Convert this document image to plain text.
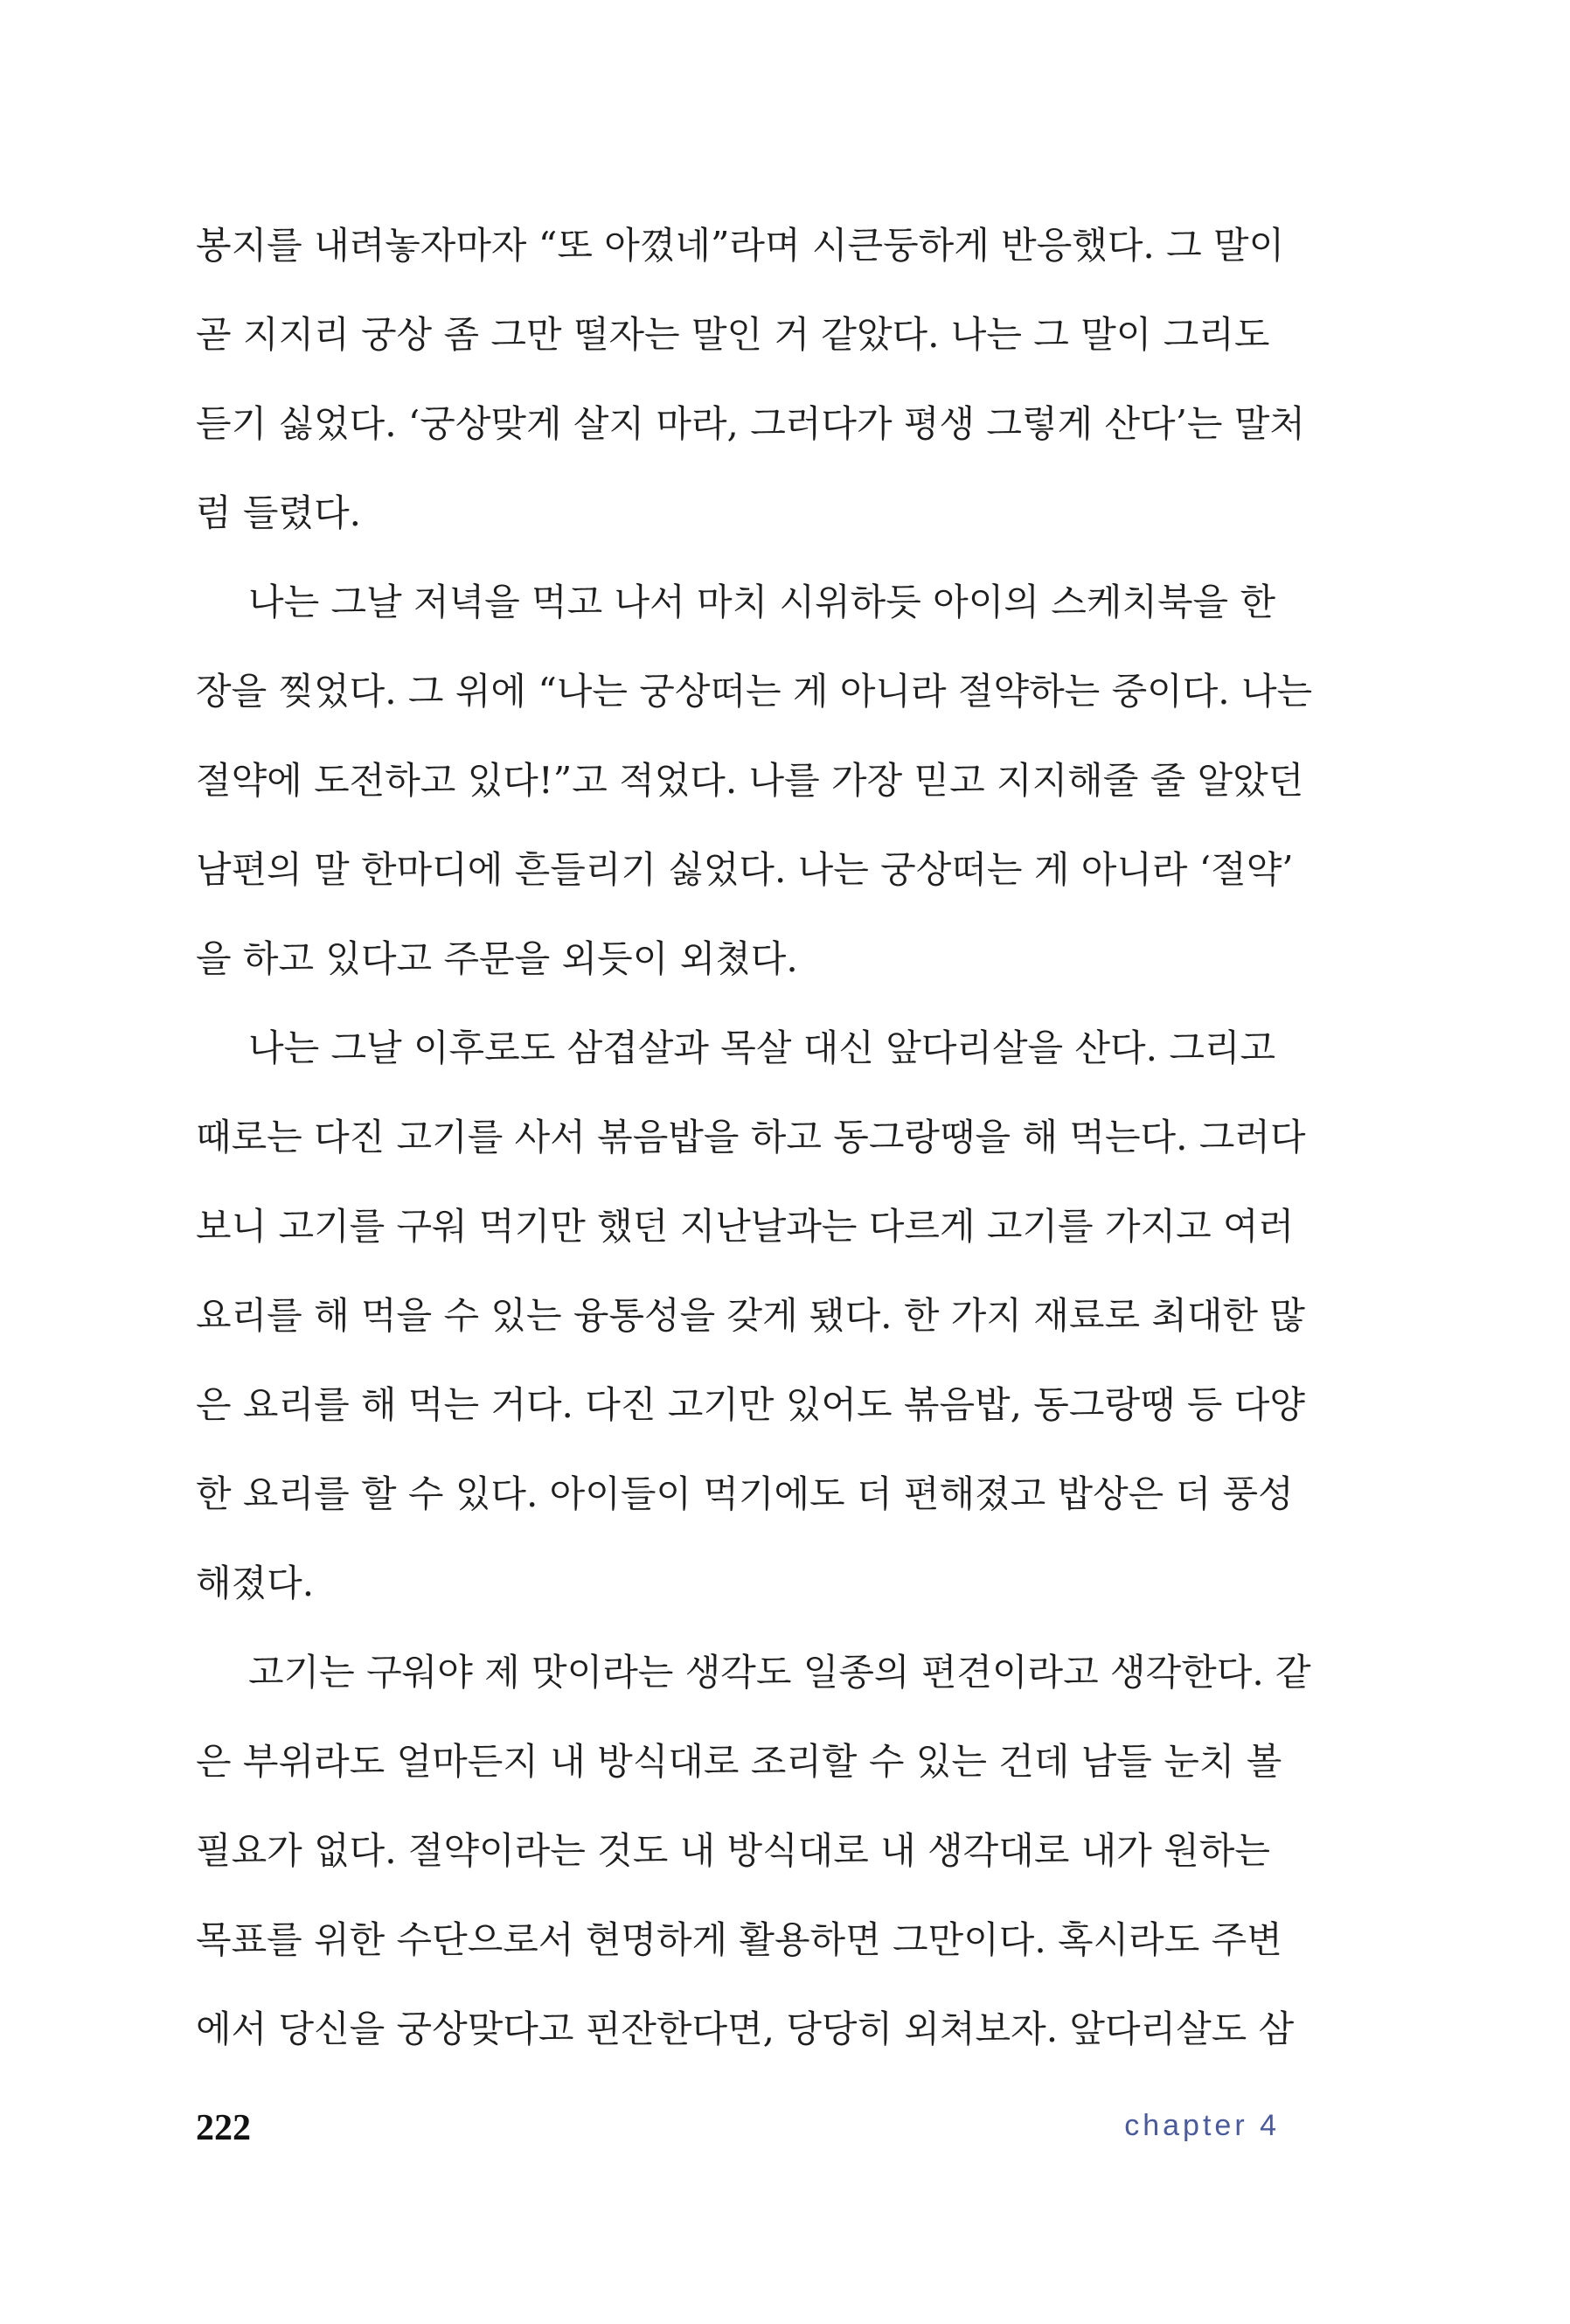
봉지를 내려놓자마자 “또 아꼈네”라며 시큰둥하게 반응했다. 그 말이
곧 지지리 궁상 좀 그만 떨자는 말인 거 같았다. 나는 그 말이 그리도
듣기 싫었다. ‘궁상맞게 살지 마라, 그러다가 평생 그렇게 산다’는 말처
럼 들렸다.
나는 그날 저녁을 먹고 나서 마치 시위하듯 아이의 스케치북을 한
장을 찢었다. 그 위에 “나는 궁상떠는 게 아니라 절약하는 중이다. 나는
절약에 도전하고 있다!”고 적었다. 나를 가장 믿고 지지해줄 줄 알았던
남편의 말 한마디에 흔들리기 싫었다. 나는 궁상떠는 게 아니라 ‘절약’
을 하고 있다고 주문을 외듯이 외쳤다.
나는 그날 이후로도 삼겹살과 목살 대신 앞다리살을 산다. 그리고
때로는 다진 고기를 사서 볶음밥을 하고 동그랑땡을 해 먹는다. 그러다
보니 고기를 구워 먹기만 했던 지난날과는 다르게 고기를 가지고 여러
요리를 해 먹을 수 있는 융통성을 갖게 됐다. 한 가지 재료로 최대한 많
은 요리를 해 먹는 거다. 다진 고기만 있어도 볶음밥, 동그랑땡 등 다양
한 요리를 할 수 있다. 아이들이 먹기에도 더 편해졌고 밥상은 더 풍성
해졌다.
고기는 구워야 제 맛이라는 생각도 일종의 편견이라고 생각한다. 같
은 부위라도 얼마든지 내 방식대로 조리할 수 있는 건데 남들 눈치 볼
필요가 없다. 절약이라는 것도 내 방식대로 내 생각대로 내가 원하는
목표를 위한 수단으로서 현명하게 활용하면 그만이다. 혹시라도 주변
에서 당신을 궁상맞다고 핀잔한다면, 당당히 외쳐보자. 앞다리살도 삼
222	chapter 4
